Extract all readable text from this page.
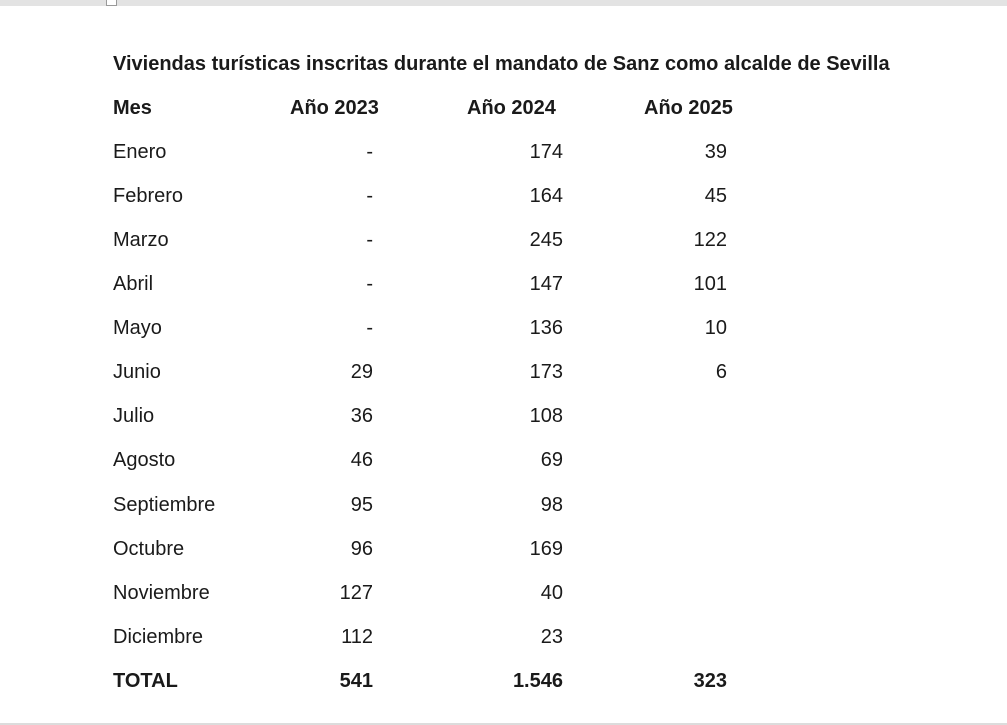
Viviendas turísticas inscritas durante el mandato de Sanz como alcalde de Sevilla
Mes	Año 2023	Año 2024	Año 2025
Enero	-	174	39
Febrero	-	164	45
Marzo	-	245	122
Abril	-	147	101
Mayo	-	136	10
Junio	29	173	6
Julio	36	108
Agosto	46	69
Septiembre	95	98
Octubre	96	169
Noviembre	127	40
Diciembre	112	23
TOTAL	541	1.546	323
